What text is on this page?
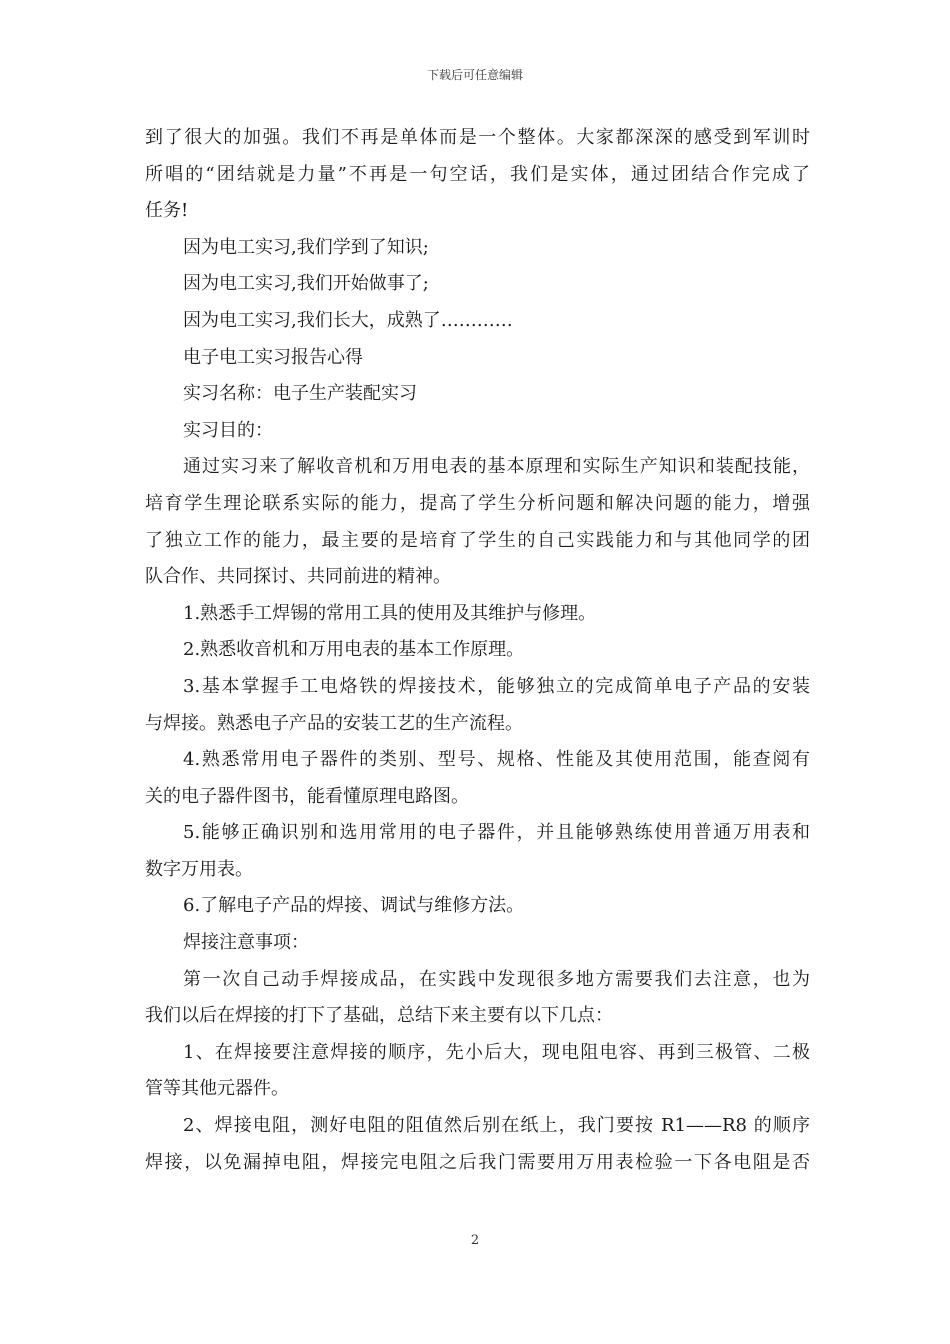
下载后可任意编辑
到了很大的加强。我们不再是单体而是一个整体。大家都深深的感受到军训时
所唱的“团结就是力量”不再是一句空话，我们是实体，通过团结合作完成了
任务!
因为电工实习,我们学到了知识;
因为电工实习,我们开始做事了;
因为电工实习,我们长大，成熟了…………
电子电工实习报告心得
实习名称：电子生产装配实习
实习目的：
通过实习来了解收音机和万用电表的基本原理和实际生产知识和装配技能，
培育学生理论联系实际的能力，提高了学生分析问题和解决问题的能力，增强
了独立工作的能力，最主要的是培育了学生的自己实践能力和与其他同学的团
队合作、共同探讨、共同前进的精神。
1.熟悉手工焊锡的常用工具的使用及其维护与修理。
2.熟悉收音机和万用电表的基本工作原理。
3.基本掌握手工电烙铁的焊接技术，能够独立的完成简单电子产品的安装
与焊接。熟悉电子产品的安装工艺的生产流程。
4.熟悉常用电子器件的类别、型号、规格、性能及其使用范围，能查阅有
关的电子器件图书，能看懂原理电路图。
5.能够正确识别和选用常用的电子器件，并且能够熟练使用普通万用表和
数字万用表。
6.了解电子产品的焊接、调试与维修方法。
焊接注意事项：
第一次自己动手焊接成品，在实践中发现很多地方需要我们去注意，也为
我们以后在焊接的打下了基础，总结下来主要有以下几点：
1、在焊接要注意焊接的顺序，先小后大，现电阻电容、再到三极管、二极
管等其他元器件。
2、焊接电阻，测好电阻的阻值然后别在纸上，我门要按 R1——R8 的顺序
焊接，以免漏掉电阻，焊接完电阻之后我门需要用万用表检验一下各电阻是否
2
